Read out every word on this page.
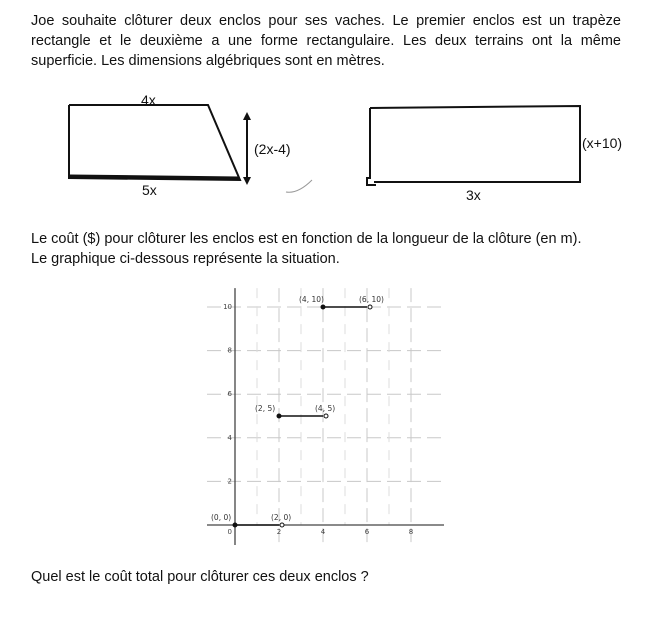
Joe souhaite clôturer deux enclos pour ses vaches. Le premier enclos est un trapèze rectangle et le deuxième a une forme rectangulaire. Les deux terrains ont la même superficie. Les dimensions algébriques sont en mètres.
Le coût ($) pour clôturer les enclos est en fonction de la longueur de la clôture (en m).
Le graphique ci-dessous représente la situation.
Quel est le coût total pour clôturer ces deux enclos ?
4x
5x
(2x-4)	(x+10)
3x
2	4	6	8
2
4
6
8
10
0
(0, 0)	(2, 0)
(2, 5)	(4, 5)
(4, 10)	(6, 10)
